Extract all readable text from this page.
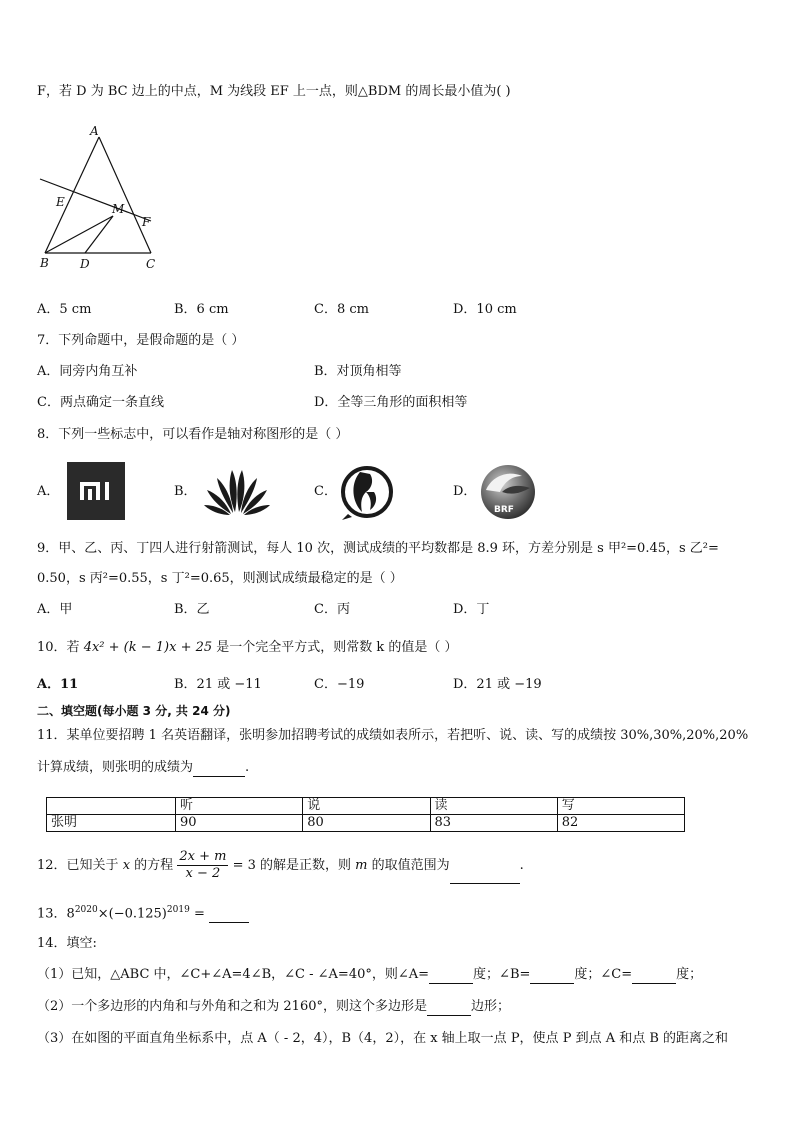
F，若 D 为 BC 边上的中点，M 为线段 EF 上一点，则△BDM 的周长最小值为( )
A
E	M
F
B	D	C
A．5 cm	B．6 cm	C．8 cm	D．10 cm
7．下列命题中，是假命题的是（ ）
A．同旁内角互补	B．对顶角相等
C．两点确定一条直线	D．全等三角形的面积相等
8．下列一些标志中，可以看作是轴对称图形的是（ ）
A．	B．	C．	D．
BRF
9．甲、乙、丙、丁四人进行射箭测试，每人 10 次，测试成绩的平均数都是 8.9 环，方差分别是 s 甲²=0.45，s 乙²=
0.50，s 丙²=0.55，s 丁²=0.65，则测试成绩最稳定的是（ ）
A．甲	B．乙	C．丙	D．丁
10．若 4x² + (k − 1)x + 25 是一个完全平方式，则常数 k 的值是（ ）
A．11	B．21 或 −11	C．−19	D．21 或 −19
二、填空题(每小题 3 分, 共 24 分)
11．某单位要招聘 1 名英语翻译，张明参加招聘考试的成绩如表所示，若把听、说、读、写的成绩按 30%,30%,20%,20%
计算成绩，则张明的成绩为	.
	听	说	读	写
张明	90	80	83	82
12．已知关于 x 的方程 $\frac{2x + m}{x - 2} = 3$ 的解是正数，则 m 的取值范围为	.
13．$8^{2020}\times(-0.125)^{2019}$ =
14．填空:
（1）已知，△ABC 中，∠C+∠A=4∠B，∠C - ∠A=40°，则∠A=	度；∠B=	度；∠C=	度；
（2）一个多边形的内角和与外角和之和为 2160°，则这个多边形是	边形；
（3）在如图的平面直角坐标系中，点 A（ - 2，4），B（4，2），在 x 轴上取一点 P，使点 P 到点 A 和点 B 的距离之和
